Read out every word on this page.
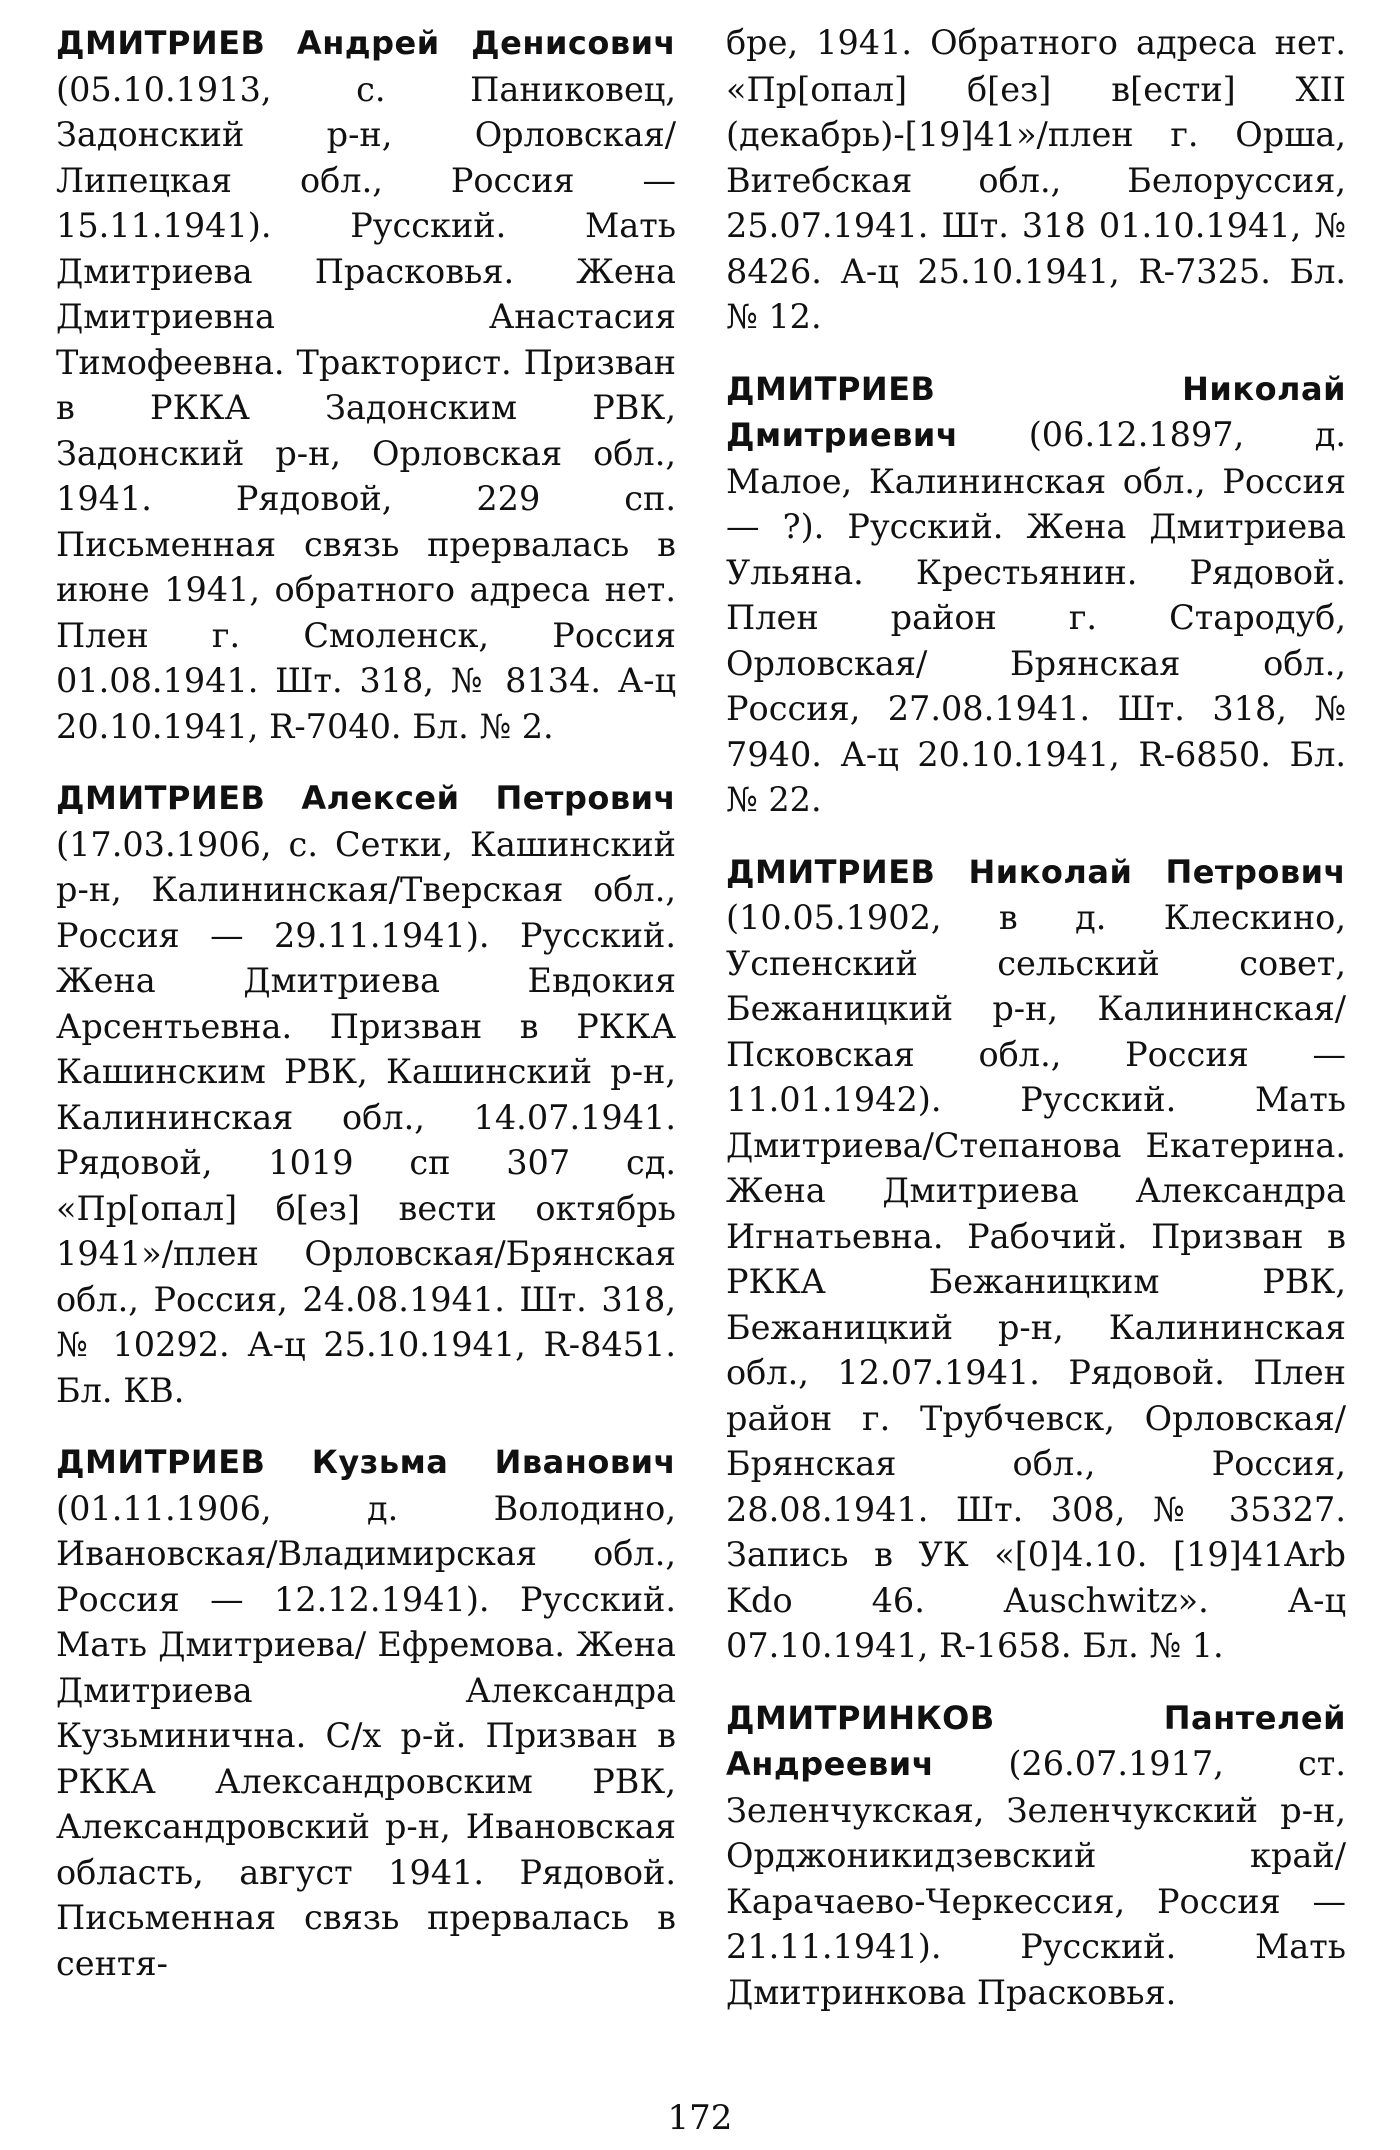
ДМИТРИЕВ Андрей Денисович (05.10.1913, с. Паниковец, Задонский р-н, Орловская/ Липецкая обл., Россия — 15.11.1941). Русский. Мать Дмитриева Прасковья. Жена Дмитриевна Анастасия Тимофеевна. Тракторист. Призван в РККА Задонским РВК, Задонский р-н, Орловская обл., 1941. Рядовой, 229 сп. Письменная связь прервалась в июне 1941, обратного адреса нет. Плен г. Смоленск, Россия 01.08.1941. Шт. 318, № 8134. А-ц 20.10.1941, R-7040. Бл. № 2.

ДМИТРИЕВ Алексей Петрович (17.03.1906, с. Сетки, Кашинский р-н, Калининская/Тверская обл., Россия — 29.11.1941). Русский. Жена Дмитриева Евдокия Арсентьевна. Призван в РККА Кашинским РВК, Кашинский р-н, Калининская обл., 14.07.1941. Рядовой, 1019 сп 307 сд. «Пр[опал] б[ез] вести октябрь 1941»/плен Орловская/Брянская обл., Россия, 24.08.1941. Шт. 318, № 10292. А-ц 25.10.1941, R-8451. Бл. КВ.

ДМИТРИЕВ Кузьма Иванович (01.11.1906, д. Володино, Ивановская/Владимирская обл., Россия — 12.12.1941). Русский. Мать Дмитриева/ Ефремова. Жена Дмитриева Александра Кузьминична. С/х р-й. Призван в РККА Александровским РВК, Александровский р-н, Ивановская область, август 1941. Рядовой. Письменная связь прервалась в сентя-

бре, 1941. Обратного адреса нет. «Пр[опал] б[ез] в[ести] XII (декабрь)-[19]41»/плен г. Орша, Витебская обл., Белоруссия, 25.07.1941. Шт. 318 01.10.1941, № 8426. А-ц 25.10.1941, R-7325. Бл. № 12.

ДМИТРИЕВ Николай Дмитриевич (06.12.1897, д. Малое, Калининская обл., Россия — ?). Русский. Жена Дмитриева Ульяна. Крестьянин. Рядовой. Плен район г. Стародуб, Орловская/ Брянская обл., Россия, 27.08.1941. Шт. 318, № 7940. А-ц 20.10.1941, R-6850. Бл. № 22.

ДМИТРИЕВ Николай Петрович (10.05.1902, в д. Клескино, Успенский сельский совет, Бежаницкий р-н, Калининская/ Псковская обл., Россия — 11.01.1942). Русский. Мать Дмитриева/Степанова Екатерина. Жена Дмитриева Александра Игнатьевна. Рабочий. Призван в РККА Бежаницким РВК, Бежаницкий р-н, Калининская обл., 12.07.1941. Рядовой. Плен район г. Трубчевск, Орловская/Брянская обл., Россия, 28.08.1941. Шт. 308, № 35327. Запись в УК «[0]4.10. [19]41Arb Kdo 46. Auschwitz». А-ц 07.10.1941, R-1658. Бл. № 1.

ДМИТРИНКОВ Пантелей Андреевич (26.07.1917, ст. Зеленчукская, Зеленчукский р-н, Орджоникидзевский край/ Карачаево-Черкессия, Россия — 21.11.1941). Русский. Мать Дмитринкова Прасковья.

172
